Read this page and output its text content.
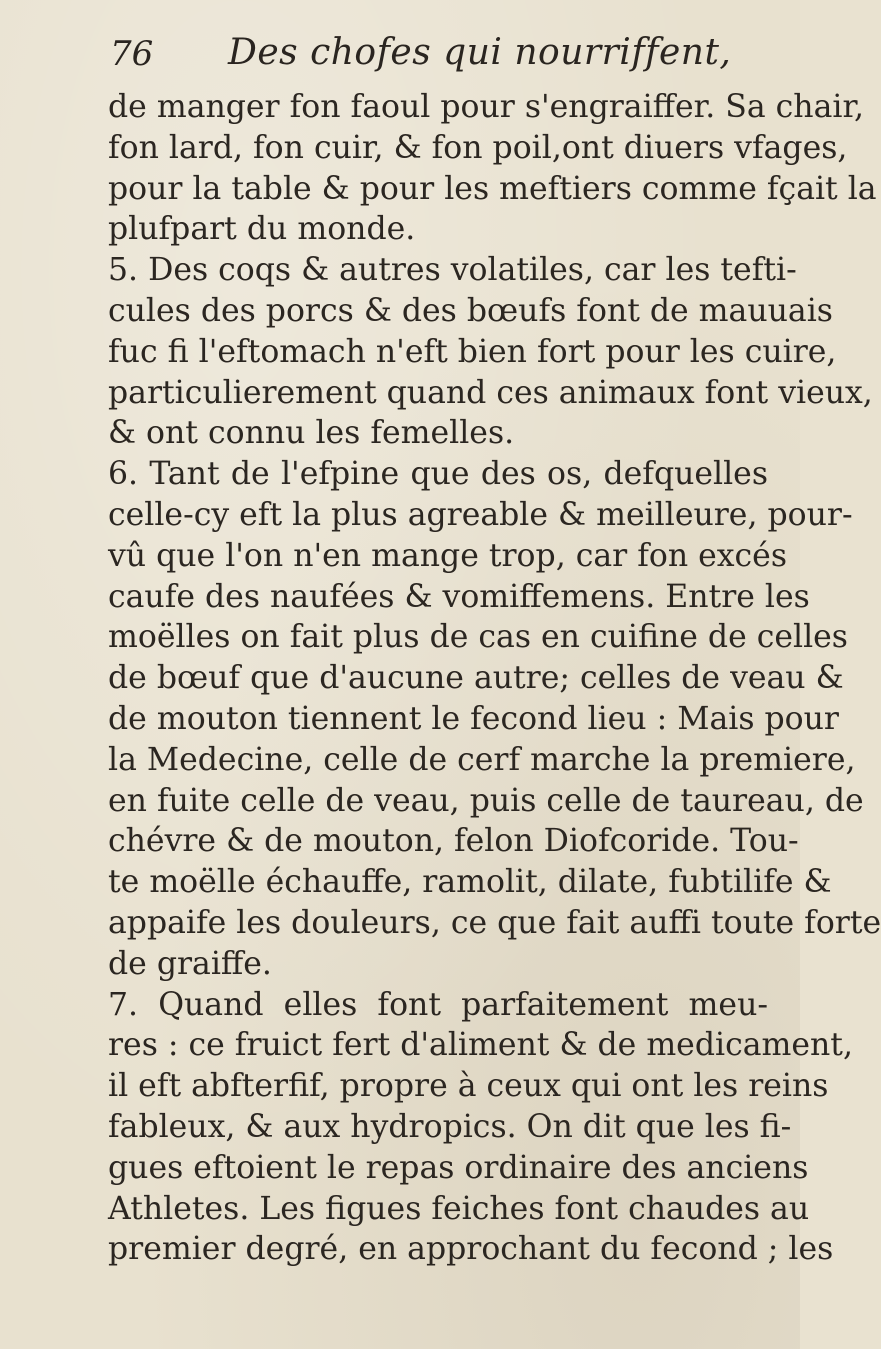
76 Des chofes qui nourriffent,
de manger fon faoul pour s'engraiffer. Sa chair,
fon lard, fon cuir, & fon poil,ont diuers vfages,
pour la table & pour les meftiers comme fçait la
plufpart du monde.
5. Des coqs & autres volatiles, car les tefti-
cules des porcs & des bœufs font de mauuais
fuc fi l'eftomach n'eft bien fort pour les cuire,
particulierement quand ces animaux font vieux,
& ont connu les femelles.
6. Tant de l'efpine que des os, defquelles
celle-cy eft la plus agreable & meilleure, pour-
vû que l'on n'en mange trop, car fon excés
caufe des naufées & vomiffemens. Entre les
moëlles on fait plus de cas en cuifine de celles
de bœuf que d'aucune autre; celles de veau &
de mouton tiennent le fecond lieu : Mais pour
la Medecine, celle de cerf marche la premiere,
en fuite celle de veau, puis celle de taureau, de
chévre & de mouton, felon Diofcoride. Tou-
te moëlle échauffe, ramolit, dilate, fubtilife &
appaife les douleurs, ce que fait auffi toute forte
de graiffe.
7. Quand elles font parfaitement meu-
res : ce fruict fert d'aliment & de medicament,
il eft abfterfif, propre à ceux qui ont les reins
fableux, & aux hydropics. On dit que les fi-
gues eftoient le repas ordinaire des anciens
Athletes. Les figues feiches font chaudes au
premier degré, en approchant du fecond ; les
